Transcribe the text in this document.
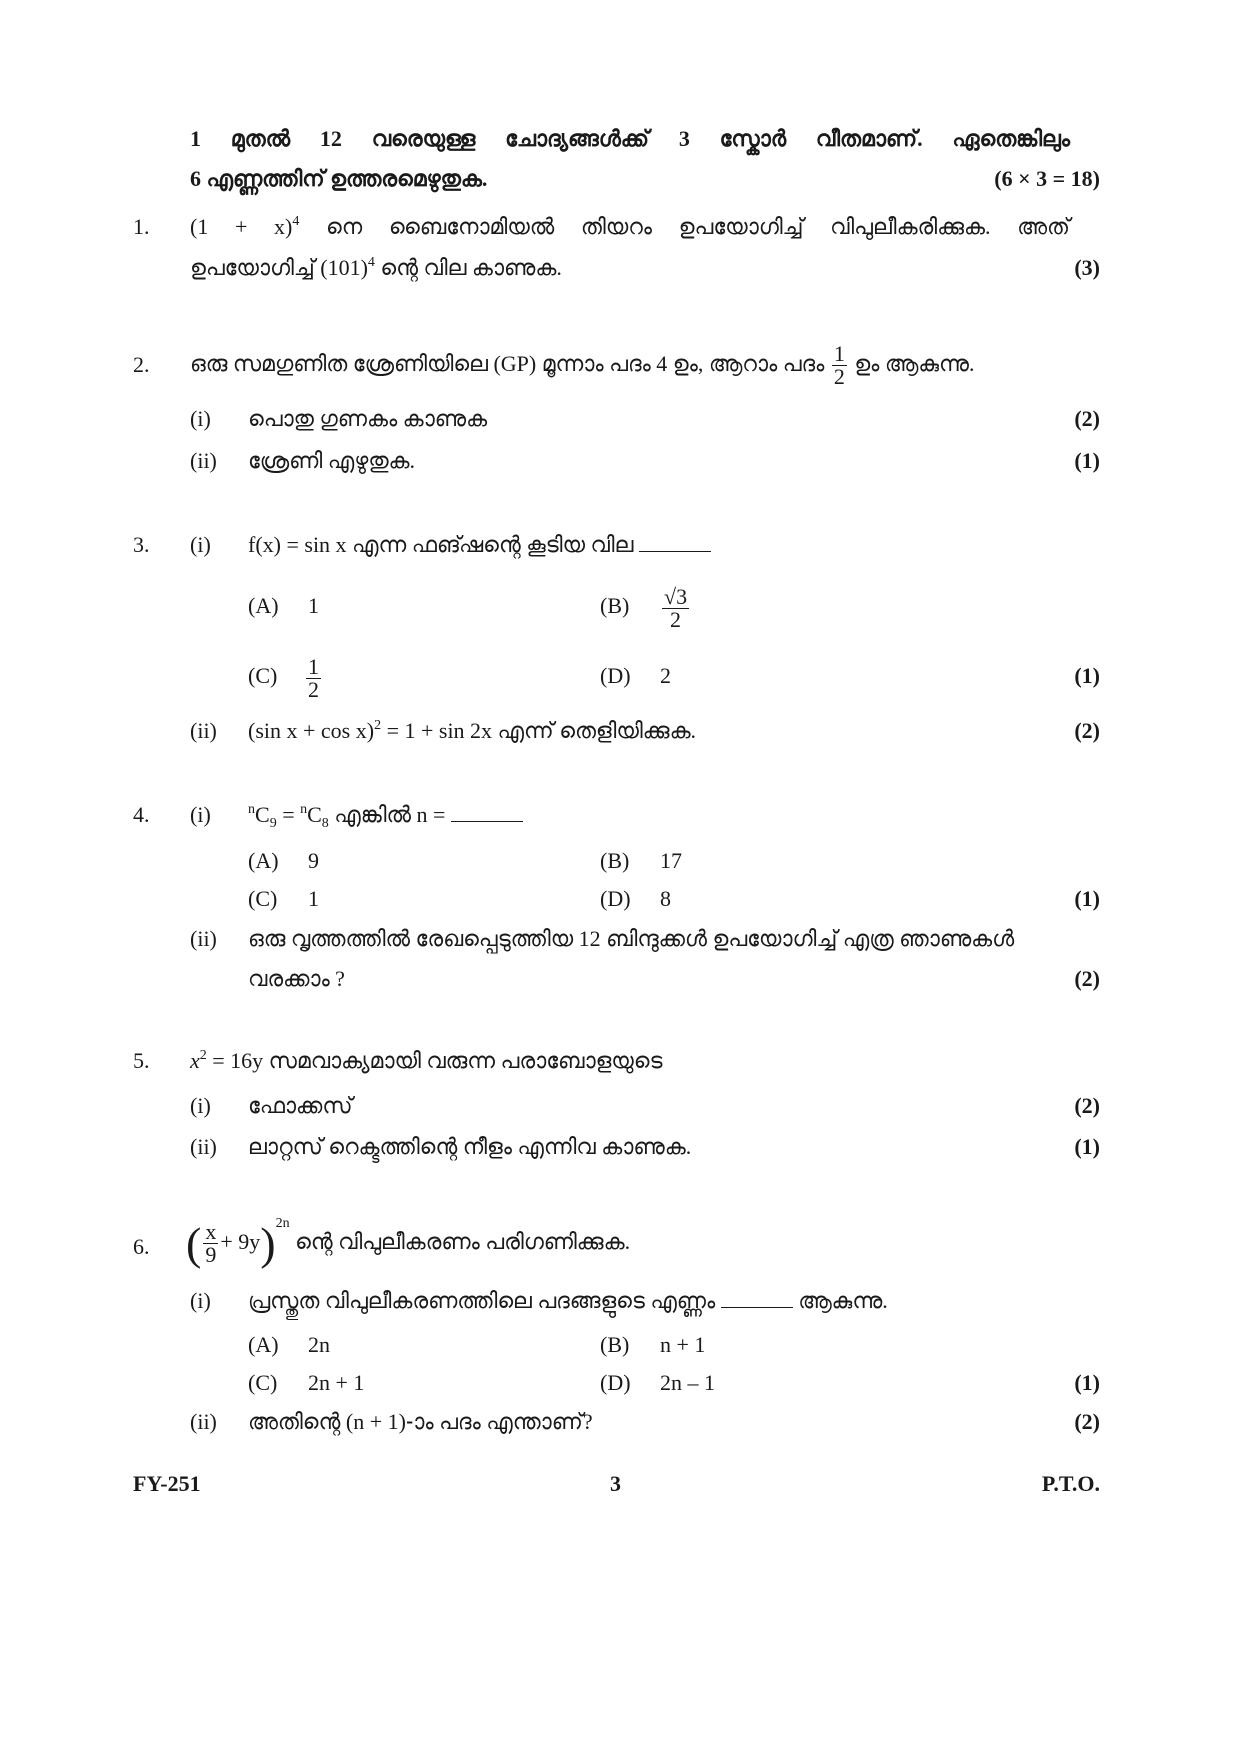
1 മുതൽ 12 വരെയുള്ള ചോദ്യങ്ങൾക്ക് 3 സ്കോർ വീതമാണ്. ഏതെങ്കിലും
6 എണ്ണത്തിന് ഉത്തരമെഴുതുക.	(6 × 3 = 18)
1. $(1 + x)^4$ നെ ബൈനോമിയൽ തിയറം ഉപയോഗിച്ച് വിപുലീകരിക്കുക. അത്
ഉപയോഗിച്ച് $(101)^4$ ന്റെ വില കാണുക.	(3)
2. ഒരു സമഗുണിത ശ്രേണിയിലെ (GP) മൂന്നാം പദം 4 ഉം, ആറാം പദം $\frac{1}{2}$ ഉം ആകുന്നു.
(i) പൊതു ഗുണകം കാണുക	(2)
(ii) ശ്രേണി എഴുതുക.	(1)
3. (i) f(x) = sin x എന്ന ഫങ്ഷന്റെ കൂടിയ വില
(A) 1	$(B) \frac{√3}{2}$
$(C) \frac{1}{2}$	(D) 2	(1)
(ii) (sin x + cos x)$^2$ = 1 + sin 2x എന്ന് തെളിയിക്കുക.	(2)
4. (i)	$^nC_9 = ^nC_8$ എങ്കിൽ n =
(A) 9	(B) 17
(C) 1	(D) 8	(1)
(ii) ഒരു വൃത്തത്തിൽ രേഖപ്പെടുത്തിയ 12 ബിന്ദുക്കൾ ഉപയോഗിച്ച് എത്ര ഞാണുകൾ
വരക്കാം ?	(2)
5. $x^2 = 16y$ സമവാക്യമായി വരുന്ന പരാബോളയുടെ
(i) ഫോക്കസ്	(2)
(ii) ലാറ്റസ് റെക്ടത്തിന്റെ നീളം എന്നിവ കാണുക.	(1)
6. ( $\frac{x}{9} + 9y)^{2n}$ ന്റെ വിപുലീകരണം പരിഗണിക്കുക.
(i) പ്രസ്തുത വിപുലീകരണത്തിലെ പദങ്ങളുടെ എണ്ണം	ആകുന്നു.
(A) 2n	(B) n + 1
(C) 2n + 1	(D) 2n – 1	(1)
(ii) അതിന്റെ (n + 1)-ാം പദം എന്താണ്?	(2)
FY-251	3	P.T.O.
